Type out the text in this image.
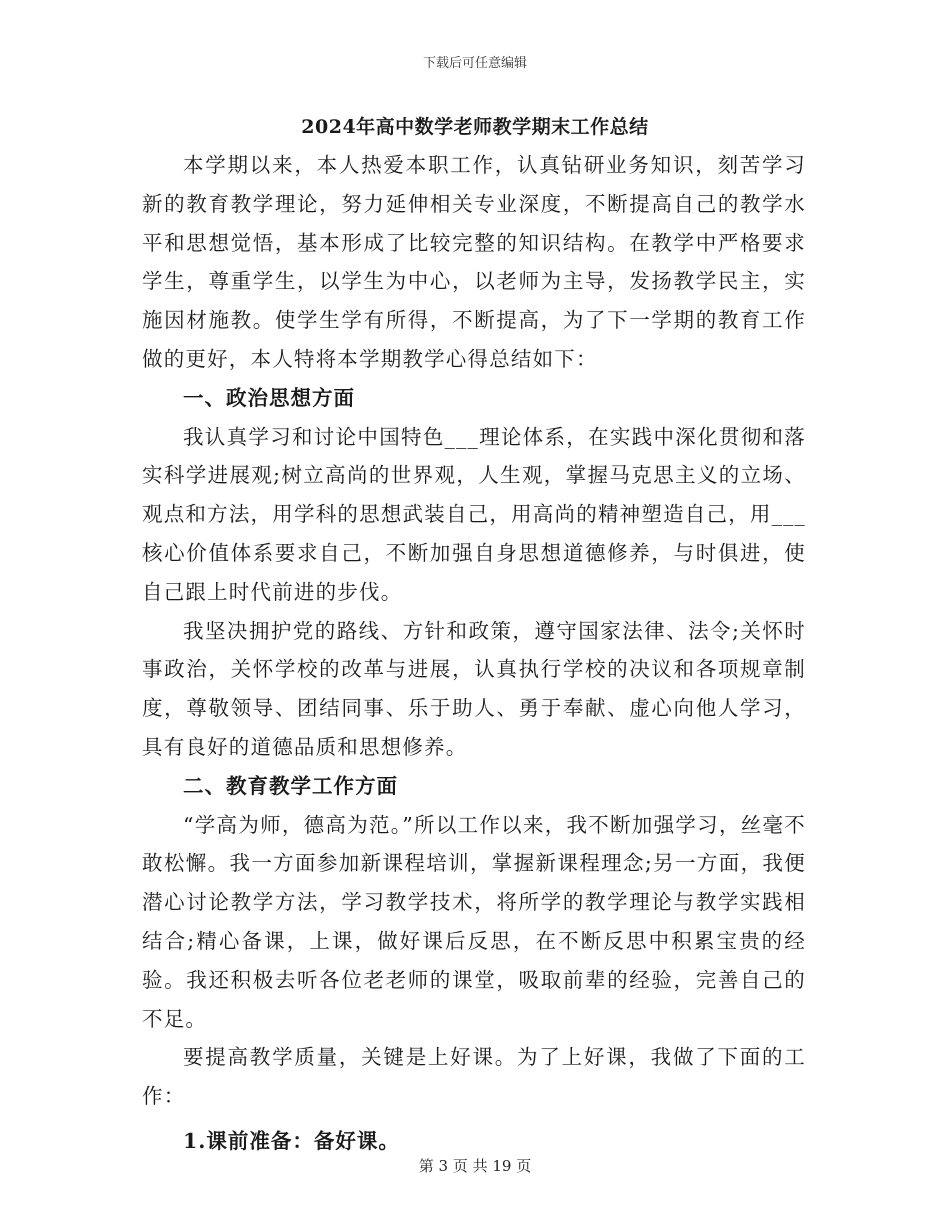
下载后可任意编辑
2024年高中数学老师教学期末工作总结

本学期以来，本人热爱本职工作，认真钻研业务知识，刻苦学习新的教育教学理论，努力延伸相关专业深度，不断提高自己的教学水平和思想觉悟，基本形成了比较完整的知识结构。在教学中严格要求学生，尊重学生，以学生为中心，以老师为主导，发扬教学民主，实施因材施教。使学生学有所得，不断提高，为了下一学期的教育工作做的更好，本人特将本学期教学心得总结如下：

一、政治思想方面

我认真学习和讨论中国特色___理论体系，在实践中深化贯彻和落实科学进展观;树立高尚的世界观，人生观，掌握马克思主义的立场、观点和方法，用学科的思想武装自己，用高尚的精神塑造自己，用___核心价值体系要求自己，不断加强自身思想道德修养，与时俱进，使自己跟上时代前进的步伐。

我坚决拥护党的路线、方针和政策，遵守国家法律、法令;关怀时事政治，关怀学校的改革与进展，认真执行学校的决议和各项规章制度，尊敬领导、团结同事、乐于助人、勇于奉献、虚心向他人学习，具有良好的道德品质和思想修养。

二、教育教学工作方面

“学高为师，德高为范。”所以工作以来，我不断加强学习，丝毫不敢松懈。我一方面参加新课程培训，掌握新课程理念;另一方面，我便潜心讨论教学方法，学习教学技术，将所学的教学理论与教学实践相结合;精心备课，上课，做好课后反思，在不断反思中积累宝贵的经验。我还积极去听各位老老师的课堂，吸取前辈的经验，完善自己的不足。

要提高教学质量，关键是上好课。为了上好课，我做了下面的工作：

1.课前准备：备好课。

第 3 页 共 19 页
